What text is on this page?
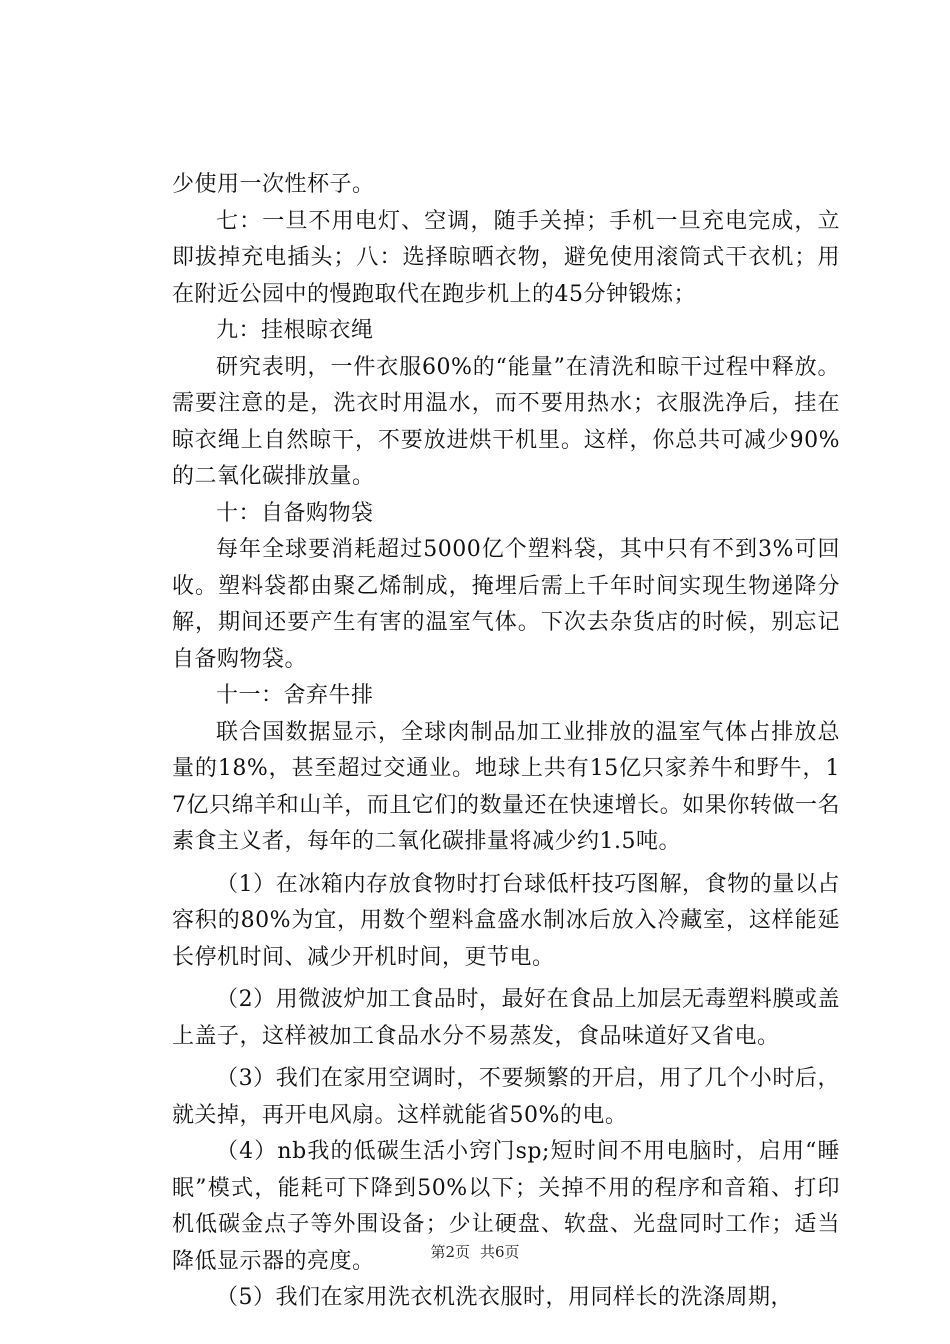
少使用一次性杯子。

七：一旦不用电灯、空调，随手关掉；手机一旦充电完成，立即拔掉充电插头；八：选择晾晒衣物，避免使用滚筒式干衣机；用在附近公园中的慢跑取代在跑步机上的45分钟锻炼；

九：挂根晾衣绳

研究表明，一件衣服60%的“能量”在清洗和晾干过程中释放。需要注意的是，洗衣时用温水，而不要用热水；衣服洗净后，挂在晾衣绳上自然晾干，不要放进烘干机里。这样，你总共可减少90%的二氧化碳排放量。

十：自备购物袋

每年全球要消耗超过5000亿个塑料袋，其中只有不到3%可回收。塑料袋都由聚乙烯制成，掩埋后需上千年时间实现生物递降分解，期间还要产生有害的温室气体。下次去杂货店的时候，别忘记自备购物袋。

十一：舍弃牛排

联合国数据显示，全球肉制品加工业排放的温室气体占排放总量的18%，甚至超过交通业。地球上共有15亿只家养牛和野牛，17亿只绵羊和山羊，而且它们的数量还在快速增长。如果你转做一名素食主义者，每年的二氧化碳排量将减少约1.5吨。

（1）在冰箱内存放食物时打台球低杆技巧图解，食物的量以占容积的80%为宜，用数个塑料盒盛水制冰后放入冷藏室，这样能延长停机时间、减少开机时间，更节电。

（2）用微波炉加工食品时，最好在食品上加层无毒塑料膜或盖上盖子，这样被加工食品水分不易蒸发，食品味道好又省电。

（3）我们在家用空调时，不要频繁的开启，用了几个小时后，就关掉，再开电风扇。这样就能省50%的电。

（4）nb我的低碳生活小窍门sp;短时间不用电脑时，启用“睡眠”模式，能耗可下降到50%以下；关掉不用的程序和音箱、打印机低碳金点子等外围设备；少让硬盘、软盘、光盘同时工作；适当降低显示器的亮度。

（5）我们在家用洗衣机洗衣服时，用同样长的洗涤周期，

第2页 共6页
